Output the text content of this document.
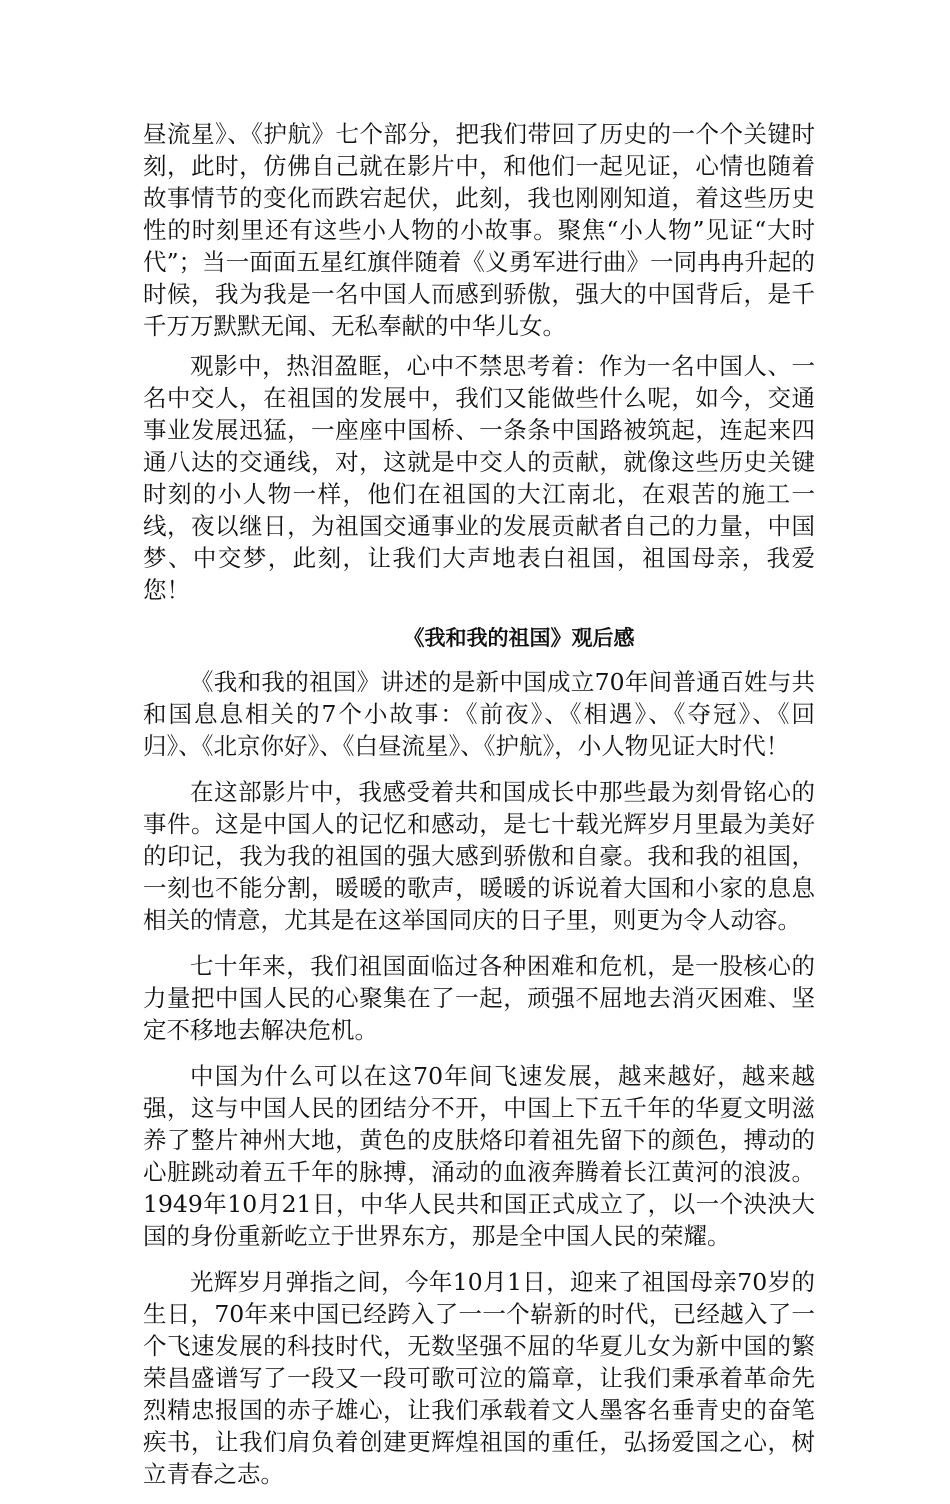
昼流星》、《护航》七个部分，把我们带回了历史的一个个关键时刻，此时，仿佛自己就在影片中，和他们一起见证，心情也随着故事情节的变化而跌宕起伏，此刻，我也刚刚知道，着这些历史性的时刻里还有这些小人物的小故事。聚焦“小人物”见证“大时代”；当一面面五星红旗伴随着《义勇军进行曲》一同冉冉升起的时候，我为我是一名中国人而感到骄傲，强大的中国背后，是千千万万默默无闻、无私奉献的中华儿女。

观影中，热泪盈眶，心中不禁思考着：作为一名中国人、一名中交人，在祖国的发展中，我们又能做些什么呢，如今，交通事业发展迅猛，一座座中国桥、一条条中国路被筑起，连起来四通八达的交通线，对，这就是中交人的贡献，就像这些历史关键时刻的小人物一样，他们在祖国的大江南北，在艰苦的施工一线，夜以继日，为祖国交通事业的发展贡献者自己的力量，中国梦、中交梦，此刻，让我们大声地表白祖国，祖国母亲，我爱您！

《我和我的祖国》观后感

《我和我的祖国》讲述的是新中国成立70年间普通百姓与共和国息息相关的7个小故事：《前夜》、《相遇》、《夺冠》、《回归》、《北京你好》、《白昼流星》、《护航》，小人物见证大时代！

在这部影片中，我感受着共和国成长中那些最为刻骨铭心的事件。这是中国人的记忆和感动，是七十载光辉岁月里最为美好的印记，我为我的祖国的强大感到骄傲和自豪。我和我的祖国，一刻也不能分割，暖暖的歌声，暖暖的诉说着大国和小家的息息相关的情意，尤其是在这举国同庆的日子里，则更为令人动容。

七十年来，我们祖国面临过各种困难和危机，是一股核心的力量把中国人民的心聚集在了一起，顽强不屈地去消灭困难、坚定不移地去解决危机。

中国为什么可以在这70年间飞速发展，越来越好，越来越强，这与中国人民的团结分不开，中国上下五千年的华夏文明滋养了整片神州大地，黄色的皮肤烙印着祖先留下的颜色，搏动的心脏跳动着五千年的脉搏，涌动的血液奔腾着长江黄河的浪波。1949年10月21日，中华人民共和国正式成立了，以一个泱泱大国的身份重新屹立于世界东方，那是全中国人民的荣耀。

光辉岁月弹指之间，今年10月1日，迎来了祖国母亲70岁的生日，70年来中国已经跨入了一一个崭新的时代，已经越入了一个飞速发展的科技时代，无数坚强不屈的华夏儿女为新中国的繁荣昌盛谱写了一段又一段可歌可泣的篇章，让我们秉承着革命先烈精忠报国的赤子雄心，让我们承载着文人墨客名垂青史的奋笔疾书，让我们肩负着创建更辉煌祖国的重任，弘扬爱国之心，树立青春之志。
